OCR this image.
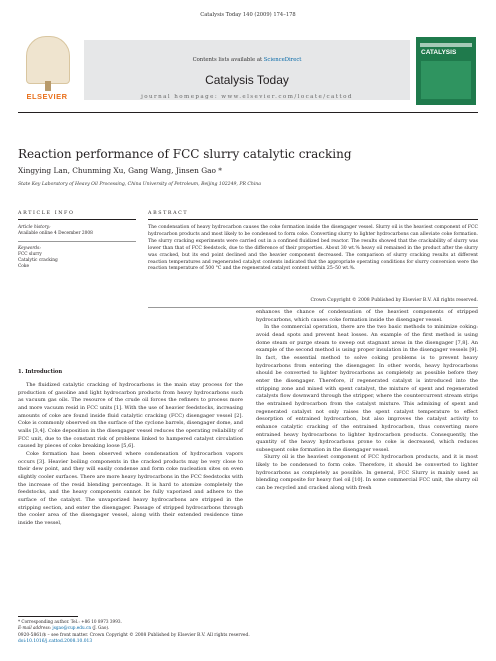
Catalysis Today 140 (2009) 174–178
ELSEVIER
Contents lists available at ScienceDirect
Catalysis Today
journal homepage: www.elsevier.com/locate/cattod
CATALYSIS
Reaction performance of FCC slurry catalytic cracking
Xingying Lan, Chunming Xu, Gang Wang, Jinsen Gao *
State Key Laboratory of Heavy Oil Processing, China University of Petroleum, Beijing 102249, PR China
ARTICLE INFO
Article history:
Available online 4 December 2008
Keywords:
FCC slurry
Catalytic cracking
Coke
ABSTRACT
The condensation of heavy hydrocarbon causes the coke formation inside the disengager vessel. Slurry oil is the heaviest component of FCC hydrocarbon products and most likely to be condensed to form coke. Converting slurry to lighter hydrocarbons can alleviate coke formation. The slurry cracking experiments were carried out in a confined fluidized bed reactor. The results showed that the crackability of slurry was lower than that of FCC feedstock, due to the difference of their properties. About 30 wt.% heavy oil remained in the product after the slurry was cracked, but its end point declined and the heavier component decreased. The comparison of slurry cracking results at different reaction temperatures and regenerated catalyst contents indicated that the appropriate operating conditions for slurry conversion were the reaction temperature of 500 °C and the regenerated catalyst content within 25–50 wt.%.
Crown Copyright © 2008 Published by Elsevier B.V. All rights reserved.
1. Introduction

The fluidized catalytic cracking of hydrocarbons is the main stay process for the production of gasoline and light hydrocarbon products from heavy hydrocarbons such as vacuum gas oils. The resource of the crude oil forces the refiners to process more and more vacuum resid in FCC units [1]. With the use of heavier feedstocks, increasing amounts of coke are found inside fluid catalytic cracking (FCC) disengager vessel [2]. Coke is commonly observed on the surface of the cyclone barrels, disengager dome, and walls [3,4]. Coke deposition in the disengager vessel reduces the operating reliability of FCC unit, due to the constant risk of problems linked to hampered catalyst circulation caused by pieces of coke breaking loose [5,6].

Coke formation has been observed where condensation of hydrocarbon vapors occurs [3]. Heavier boiling components in the cracked products may be very close to their dew point, and they will easily condense and form coke nucleation sites on even slightly cooler surfaces. There are more heavy hydrocarbons in the FCC feedstocks with the increase of the resid blending percentage. It is hard to atomize completely the feedstocks, and the heavy components cannot be fully vaporized and adhere to the surface of the catalyst. The unvaporized heavy hydrocarbons are stripped in the stripping section, and enter the disengager. Passage of stripped hydrocarbons through the cooler area of the disengager vessel, along with their extended residence time inside the vessel,

enhances the chance of condensation of the heaviest components of stripped hydrocarbons, which causes coke formation inside the disengager vessel.

In the commercial operation, there are the two basic methods to minimize coking: avoid dead spots and prevent heat losses. An example of the first method is using dome steam or purge steam to sweep out stagnant areas in the disengager [7,8]. An example of the second method is using proper insulation in the disengager vessels [9]. In fact, the essential method to solve coking problems is to prevent heavy hydrocarbons from entering the disengager. In other words, heavy hydrocarbons should be converted to lighter hydrocarbons as completely as possible before they enter the disengager. Therefore, if regenerated catalyst is introduced into the stripping zone and mixed with spent catalyst, the mixture of spent and regenerated catalysts flow downward through the stripper, where the countercurrent stream strips the entrained hydrocarbon from the catalyst mixture. This admixing of spent and regenerated catalyst not only raises the spent catalyst temperature to effect desorption of entrained hydrocarbon, but also improves the catalyst activity to enhance catalytic cracking of the entrained hydrocarbon, thus converting more entrained heavy hydrocarbons to lighter hydrocarbon products. Consequently, the quantity of the heavy hydrocarbons prone to coke is decreased, which reduces subsequent coke formation in the disengager vessel.

Slurry oil is the heaviest component of FCC hydrocarbon products, and it is most likely to be condensed to form coke. Therefore, it should be converted to lighter hydrocarbons as completely as possible. In general, FCC Slurry is mainly used as blending composite for heavy fuel oil [10]. In some commercial FCC unit, the slurry oil can be recycled and cracked along with fresh

* Corresponding author. Tel.: +86 10 8973 3993.
E-mail address: jsgao@cup.edu.cn (J. Gao).
0920-5861/$ – see front matter. Crown Copyright © 2008 Published by Elsevier B.V. All rights reserved.
doi:10.1016/j.cattod.2008.10.013
